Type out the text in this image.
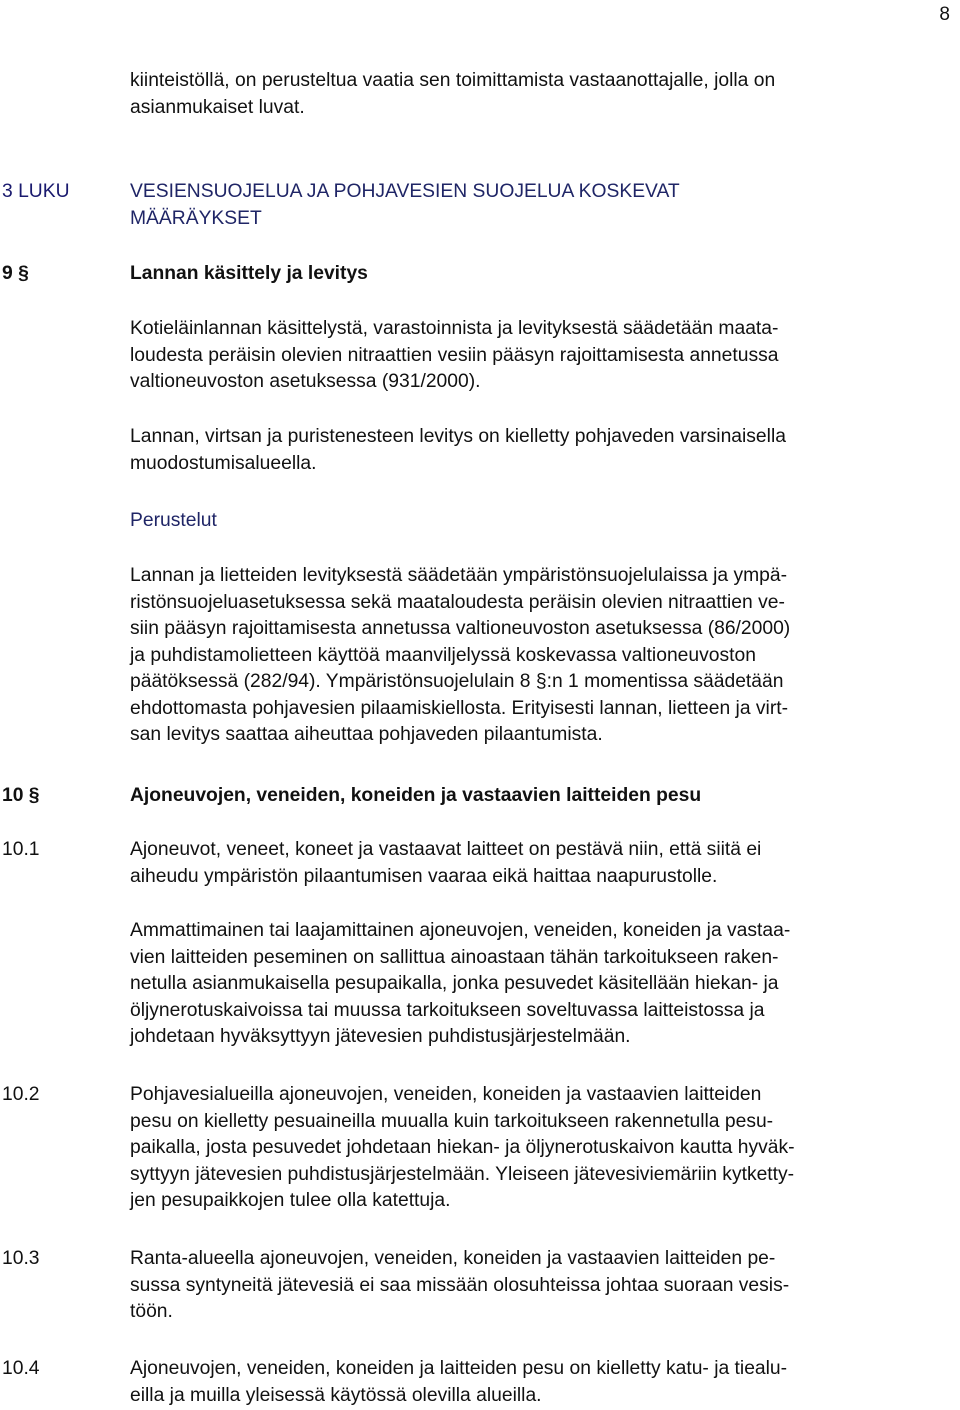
8
kiinteistöllä, on perusteltua vaatia sen toimittamista vastaanottajalle, jolla on
asianmukaiset luvat.
3 LUKU	VESIENSUOJELUA JA POHJAVESIEN SUOJELUA KOSKEVAT
MÄÄRÄYKSET
9 §	Lannan käsittely ja levitys
Kotieläinlannan käsittelystä, varastoinnista ja levityksestä säädetään maata-
loudesta peräisin olevien nitraattien vesiin pääsyn rajoittamisesta annetussa
valtioneuvoston asetuksessa (931/2000).
Lannan, virtsan ja puristenesteen levitys on kielletty pohjaveden varsinaisella
muodostumisalueella.
Perustelut
Lannan ja lietteiden levityksestä säädetään ympäristönsuojelulaissa ja ympä-
ristönsuojeluasetuksessa sekä maataloudesta peräisin olevien nitraattien ve-
siin pääsyn rajoittamisesta annetussa valtioneuvoston asetuksessa (86/2000)
ja puhdistamolietteen käyttöä maanviljelyssä koskevassa valtioneuvoston
päätöksessä (282/94). Ympäristönsuojelulain 8 §:n 1 momentissa säädetään
ehdottomasta pohjavesien pilaamiskiellosta. Erityisesti lannan, lietteen ja virt-
san levitys saattaa aiheuttaa pohjaveden pilaantumista.
10 §	Ajoneuvojen, veneiden, koneiden ja vastaavien laitteiden pesu
10.1	Ajoneuvot, veneet, koneet ja vastaavat laitteet on pestävä niin, että siitä ei
aiheudu ympäristön pilaantumisen vaaraa eikä haittaa naapurustolle.
Ammattimainen tai laajamittainen ajoneuvojen, veneiden, koneiden ja vastaa-
vien laitteiden peseminen on sallittua ainoastaan tähän tarkoitukseen raken-
netulla asianmukaisella pesupaikalla, jonka pesuvedet käsitellään hiekan- ja
öljynerotuskaivoissa tai muussa tarkoitukseen soveltuvassa laitteistossa ja
johdetaan hyväksyttyyn jätevesien puhdistusjärjestelmään.
10.2	Pohjavesialueilla ajoneuvojen, veneiden, koneiden ja vastaavien laitteiden
pesu on kielletty pesuaineilla muualla kuin tarkoitukseen rakennetulla pesu-
paikalla, josta pesuvedet johdetaan hiekan- ja öljynerotuskaivon kautta hyväk-
syttyyn jätevesien puhdistusjärjestelmään. Yleiseen jätevesiviemäriin kytketty-
jen pesupaikkojen tulee olla katettuja.
10.3	Ranta-alueella ajoneuvojen, veneiden, koneiden ja vastaavien laitteiden pe-
sussa syntyneitä jätevesiä ei saa missään olosuhteissa johtaa suoraan vesis-
töön.
10.4	Ajoneuvojen, veneiden, koneiden ja laitteiden pesu on kielletty katu- ja tiealu-
eilla ja muilla yleisessä käytössä olevilla alueilla.
